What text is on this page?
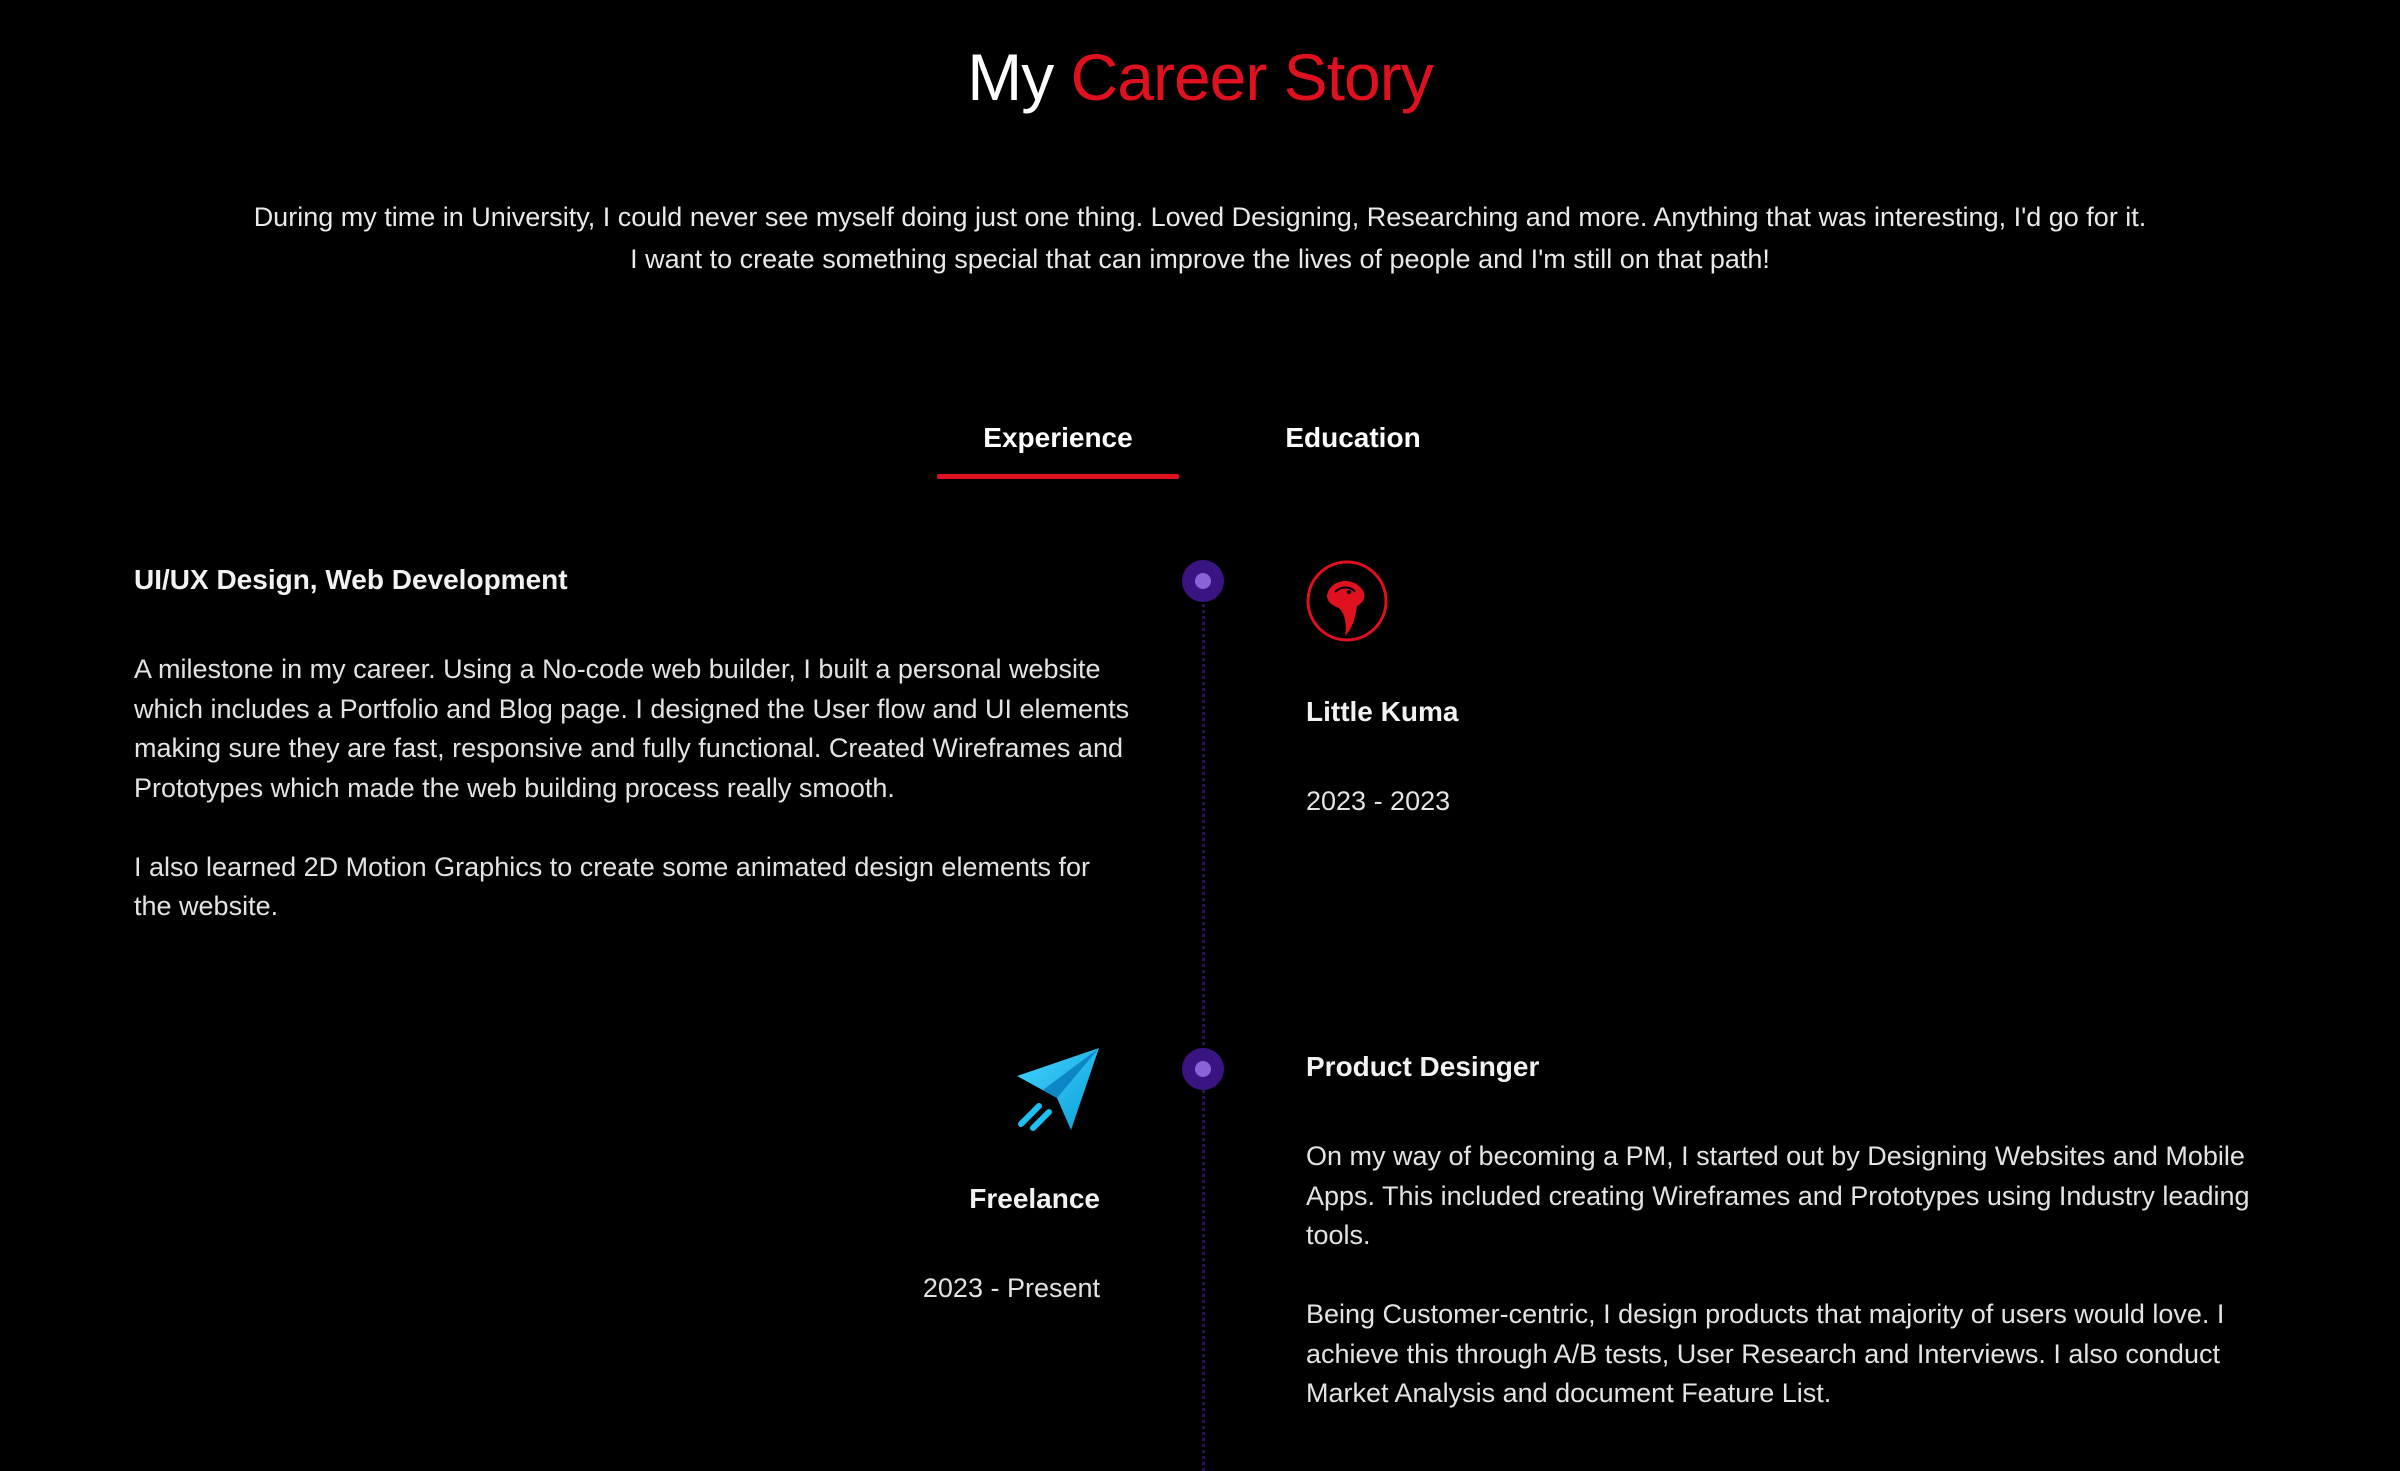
My Career Story

During my time in University, I could never see myself doing just one thing. Loved Designing, Researching and more. Anything that was interesting, I'd go for it.

I want to create something special that can improve the lives of people and I'm still on that path!

Experience	Education
UI/UX Design, Web Development

A milestone in my career. Using a No-code web builder, I built a personal website which includes a Portfolio and Blog page. I designed the User flow and UI elements making sure they are fast, responsive and fully functional. Created Wireframes and Prototypes which made the web building process really smooth.

I also learned 2D Motion Graphics to create some animated design elements for the website.

Little Kuma
2023 - 2023
Freelance
2023 - Present
Product Desinger

On my way of becoming a PM, I started out by Designing Websites and Mobile Apps. This included creating Wireframes and Prototypes using Industry leading tools.

Being Customer-centric, I design products that majority of users would love. I achieve this through A/B tests, User Research and Interviews. I also conduct Market Analysis and document Feature List.
